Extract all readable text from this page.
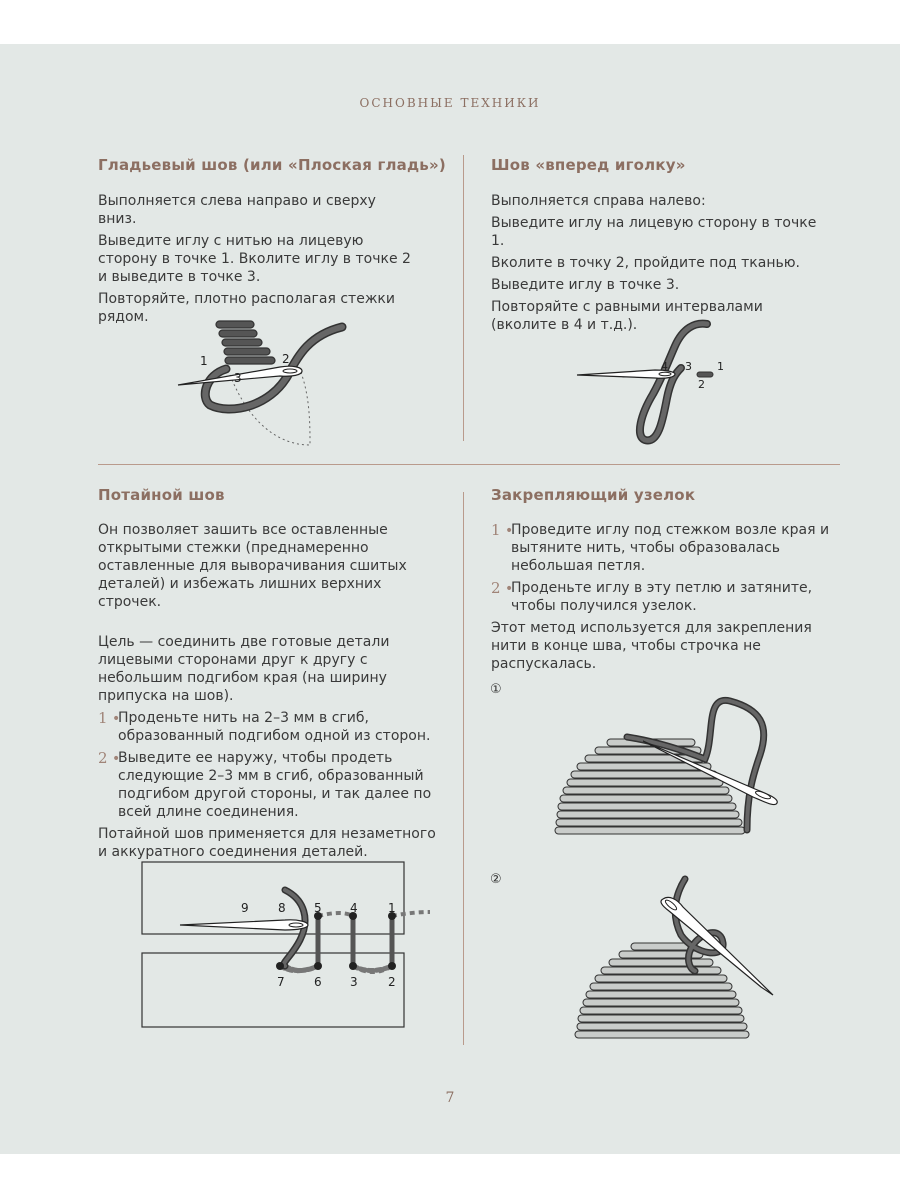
ОСНОВНЫЕ ТЕХНИКИ
Гладьевый шов (или «Плоская гладь»)

Выполняется слева направо и сверху вниз.

Выведите иглу с нитью на лицевую сторону в точке 1. Вколите иглу в точке 2 и выведите в точке 3.

Повторяйте, плотно располагая стежки рядом.

1	2
3
Шов «вперед иголку»

Выполняется справа налево:

Выведите иглу на лицевую сторону в точке 1.

Вколите в точку 2, пройдите под тканью.

Выведите иглу в точке 3.

Повторяйте с равными интервалами (вколите в 4 и т.д.).

4 3 1
2
Потайной шов

Он позволяет зашить все оставленные открытыми стежки (преднамеренно оставленные для выворачивания сшитых деталей) и избежать лишних верхних строчек.

Цель — соединить две готовые детали лицевыми сторонами друг к другу с небольшим подгибом края (на ширину припуска на шов).

1 •
Проденьте нить на 2–3 мм в сгиб, образованный подгибом одной из сторон.
2 •
Выведите ее наружу, чтобы продеть следующие 2–3 мм в сгиб, образованный подгибом другой стороны, и так далее по всей длине соединения.

Потайной шов применяется для незаметного и аккуратного соединения деталей.

9 8 5 4	1
7 6 3	2
Закрепляющий узелок
1 •
Проведите иглу под стежком возле края и вытяните нить, чтобы образовалась небольшая петля.
2 •
Проденьте иглу в эту петлю и затяните, чтобы получился узелок.

Этот метод используется для закрепления нити в конце шва, чтобы строчка не распускалась.

①
②
7
